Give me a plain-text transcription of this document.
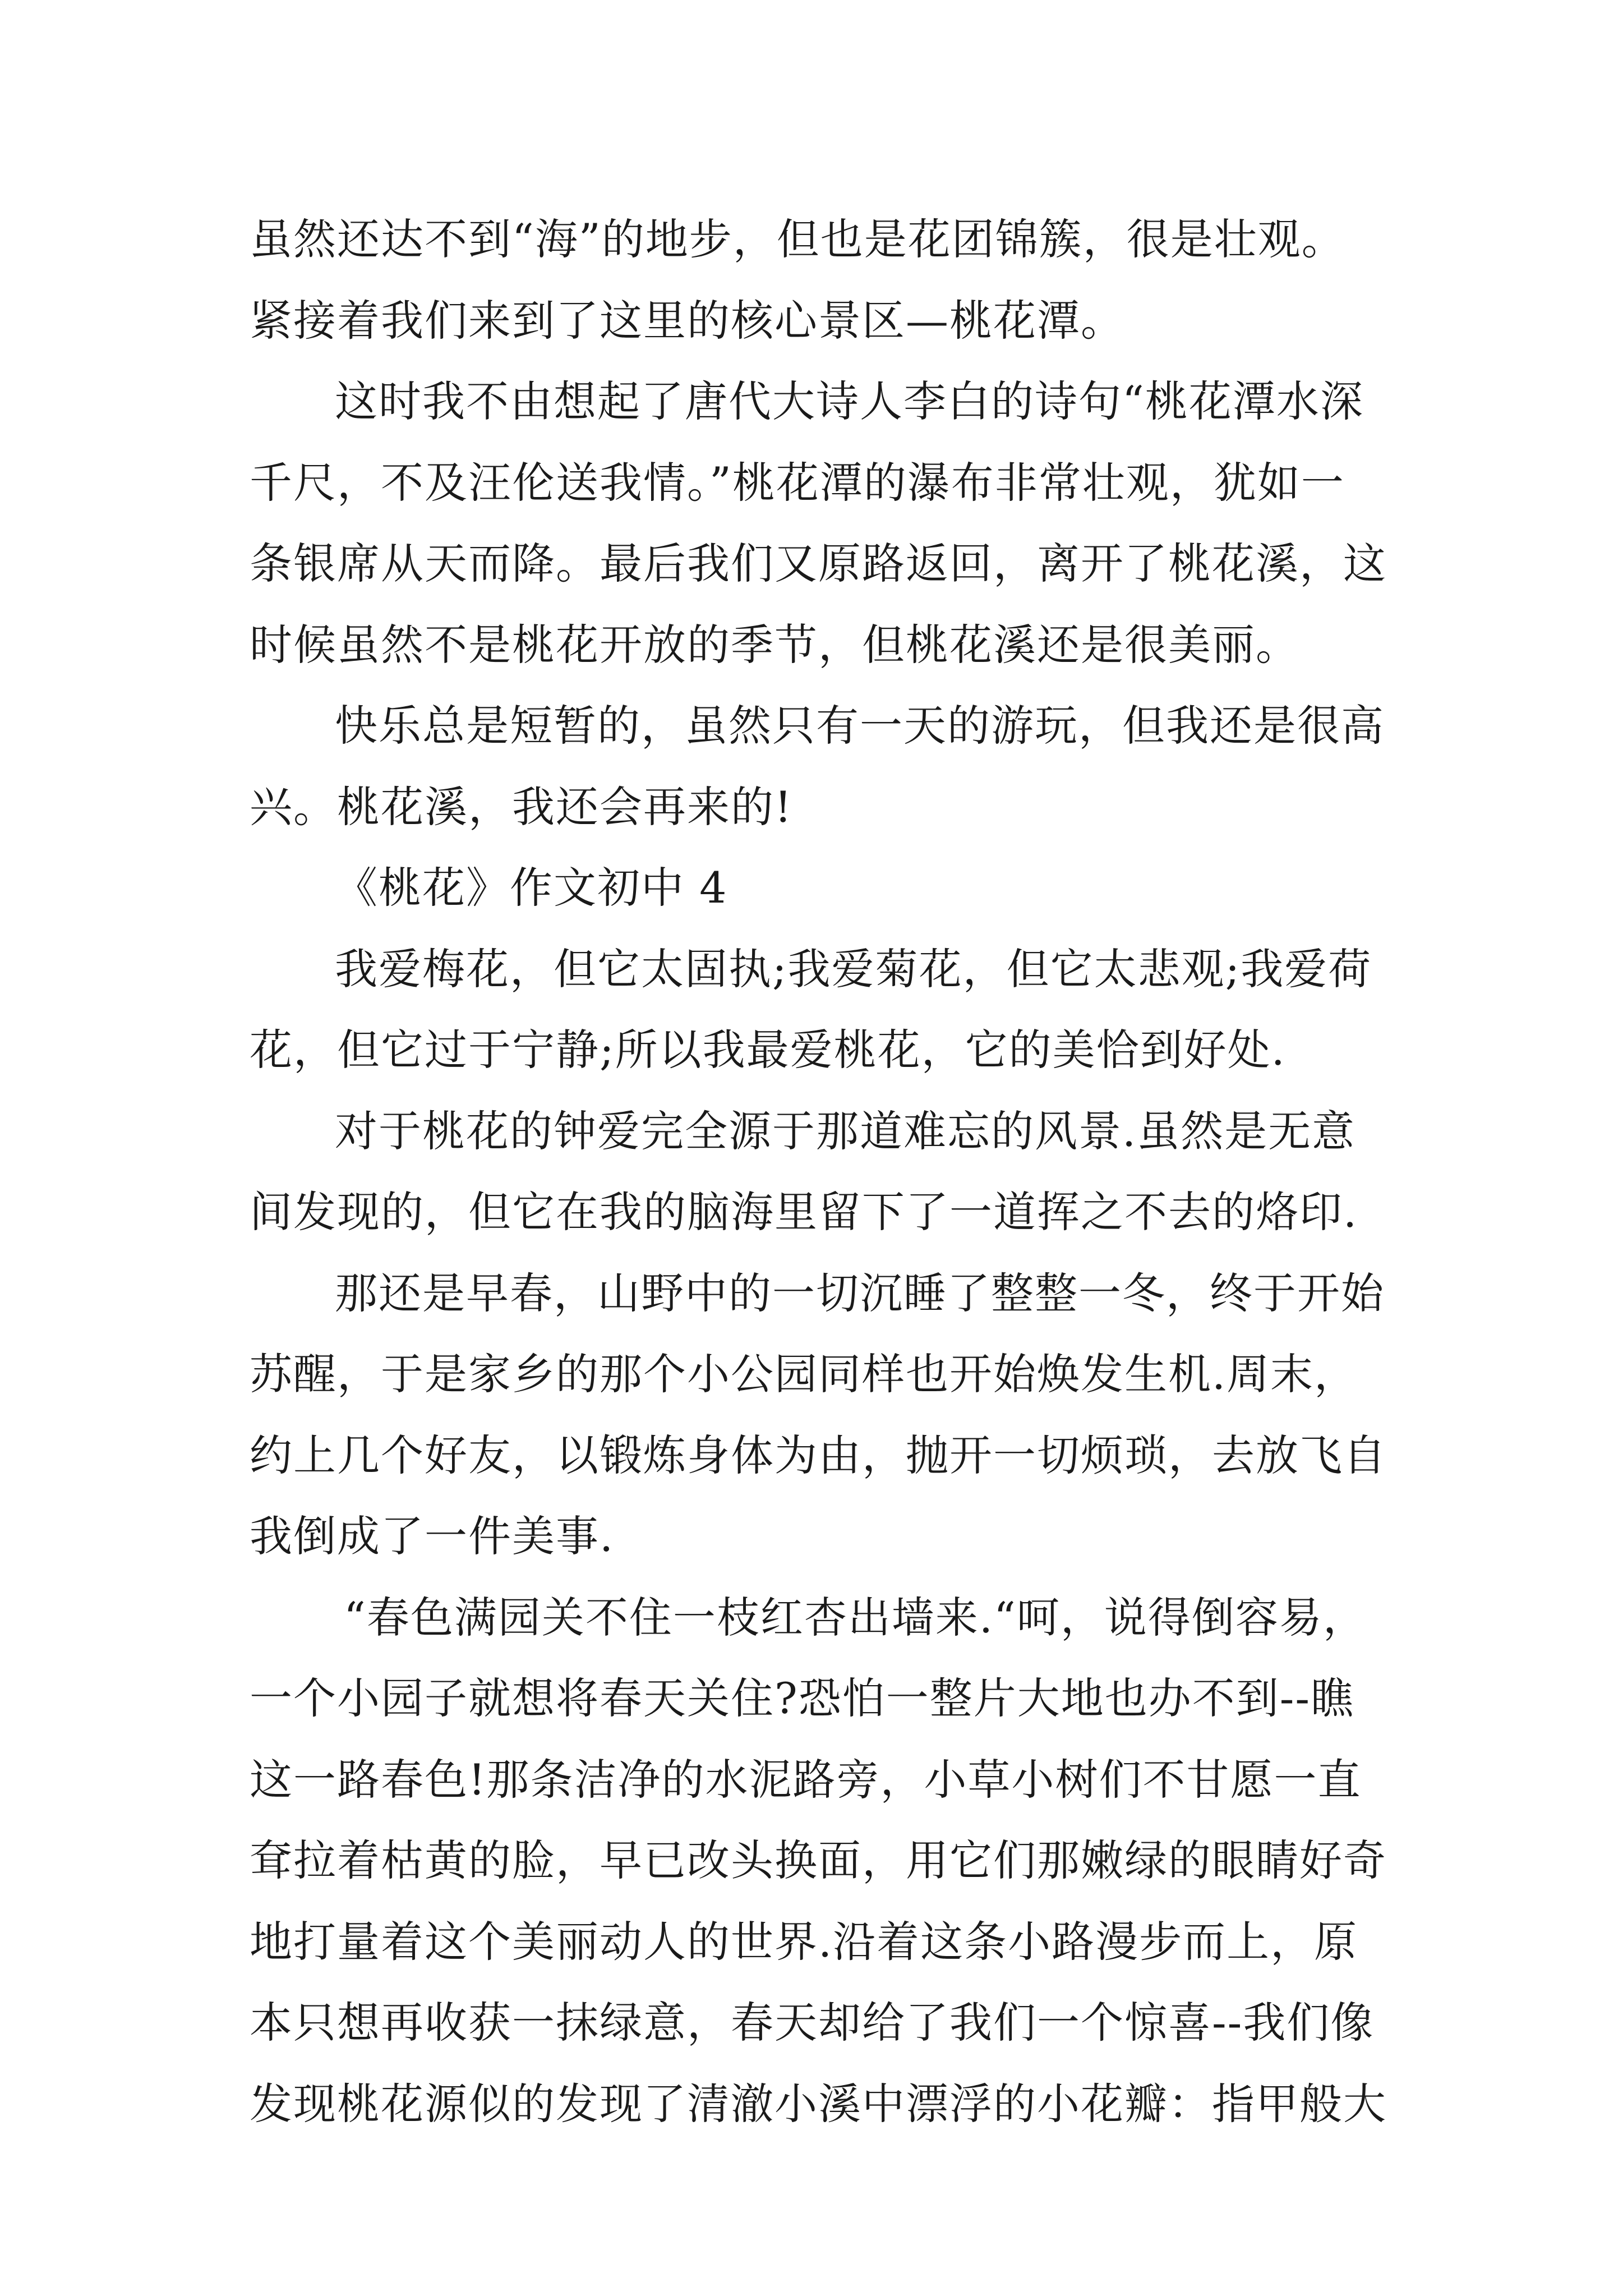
虽然还达不到“海”的地步，但也是花团锦簇，很是壮观。
紧接着我们来到了这里的核心景区—桃花潭。
这时我不由想起了唐代大诗人李白的诗句“桃花潭水深
千尺，不及汪伦送我情。”桃花潭的瀑布非常壮观，犹如一
条银席从天而降。最后我们又原路返回，离开了桃花溪，这
时候虽然不是桃花开放的季节，但桃花溪还是很美丽。
快乐总是短暂的，虽然只有一天的游玩，但我还是很高
兴。桃花溪，我还会再来的!
《桃花》作文初中 4
我爱梅花，但它太固执;我爱菊花，但它太悲观;我爱荷
花，但它过于宁静;所以我最爱桃花，它的美恰到好处.
对于桃花的钟爱完全源于那道难忘的风景.虽然是无意
间发现的，但它在我的脑海里留下了一道挥之不去的烙印.
那还是早春，山野中的一切沉睡了整整一冬，终于开始
苏醒，于是家乡的那个小公园同样也开始焕发生机.周末，
约上几个好友，以锻炼身体为由，抛开一切烦琐，去放飞自
我倒成了一件美事.
“春色满园关不住一枝红杏出墙来.“呵，说得倒容易，
一个小园子就想将春天关住?恐怕一整片大地也办不到--瞧
这一路春色!那条洁净的水泥路旁，小草小树们不甘愿一直
耷拉着枯黄的脸，早已改头换面，用它们那嫩绿的眼睛好奇
地打量着这个美丽动人的世界.沿着这条小路漫步而上，原
本只想再收获一抹绿意，春天却给了我们一个惊喜--我们像
发现桃花源似的发现了清澈小溪中漂浮的小花瓣：指甲般大
